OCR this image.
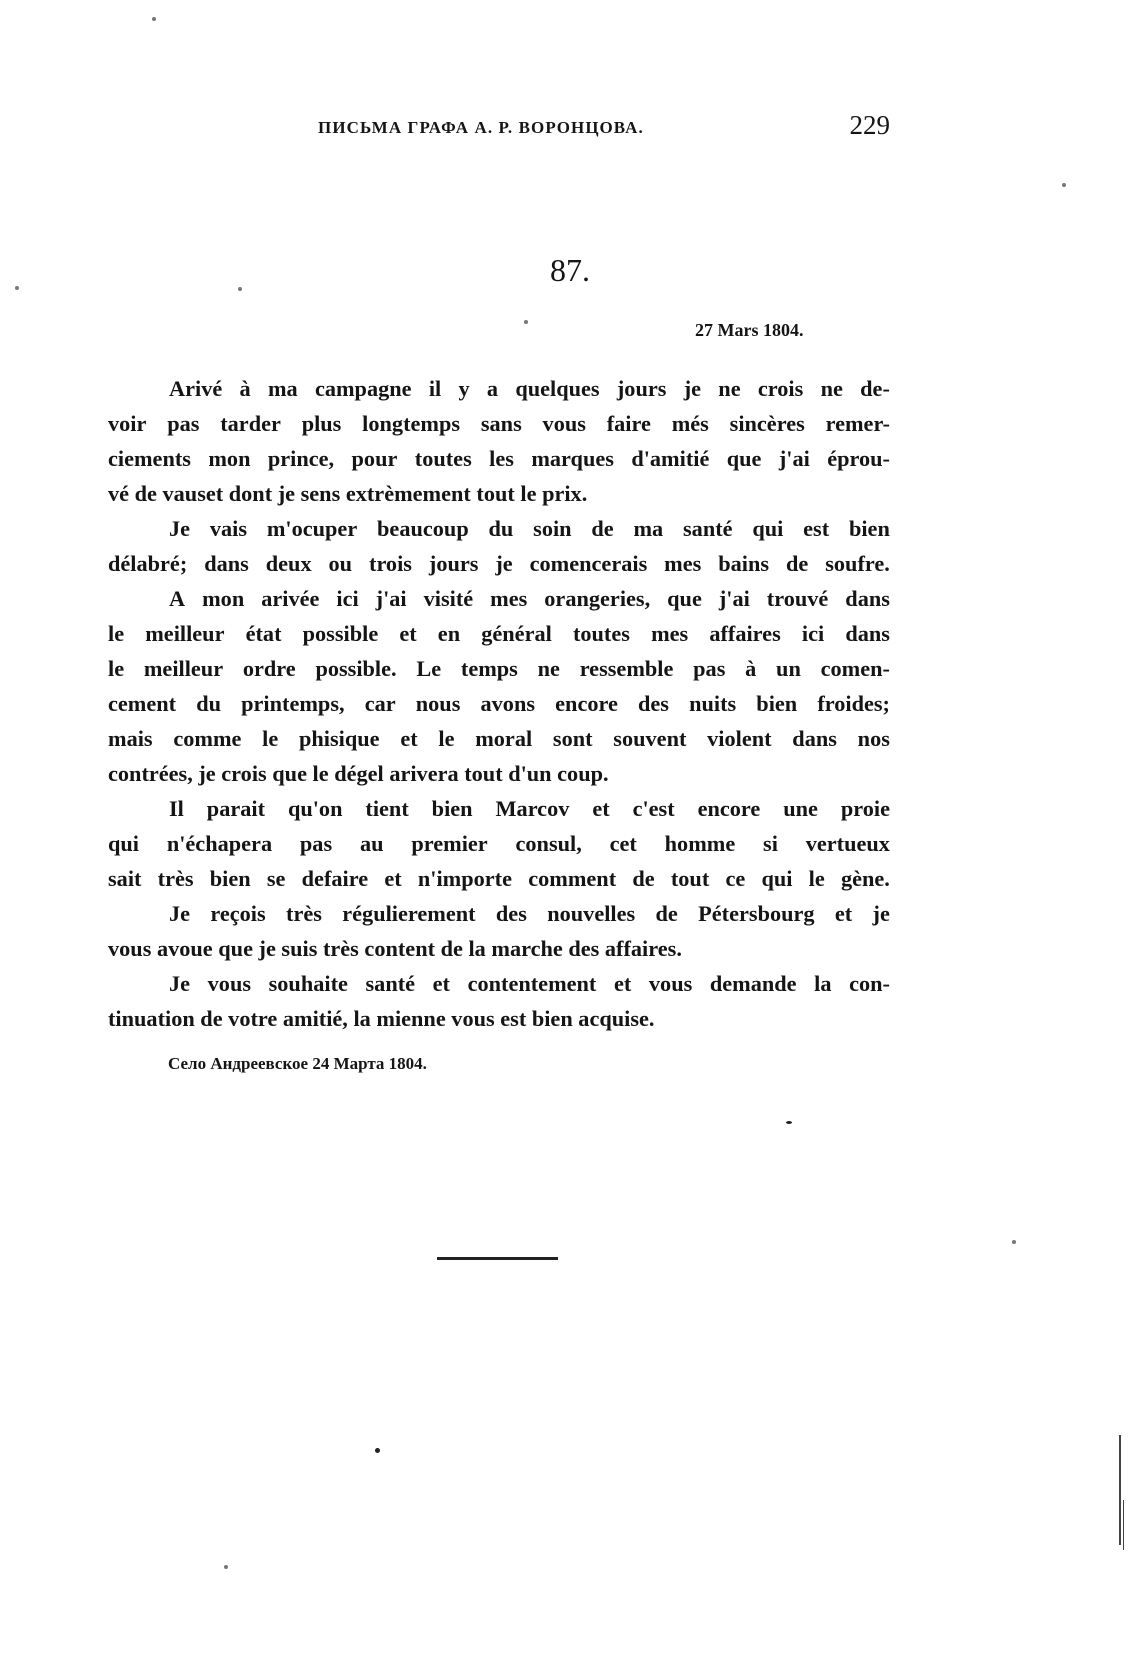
ПИСЬМА ГРАФА А. Р. ВОРОНЦОВА.	229
87.
27 Mars 1804.
Arivé à ma campagne il y a quelques jours je ne crois ne de-
voir pas tarder plus longtemps sans vous faire més sincères remer-
ciements mon prince, pour toutes les marques d'amitié que j'ai éprou-
vé de vauset dont je sens extrèmement tout le prix.
Je vais m'ocuper beaucoup du soin de ma santé qui est bien
délabré; dans deux ou trois jours je comencerais mes bains de soufre.
A mon arivée ici j'ai visité mes orangeries, que j'ai trouvé dans
le meilleur état possible et en général toutes mes affaires ici dans
le meilleur ordre possible. Le temps ne ressemble pas à un comen-
cement du printemps, car nous avons encore des nuits bien froides;
mais comme le phisique et le moral sont souvent violent dans nos
contrées, je crois que le dégel arivera tout d'un coup.
Il parait qu'on tient bien Marcov et c'est encore une proie
qui n'échapera pas au premier consul, cet homme si vertueux
sait très bien se defaire et n'importe comment de tout ce qui le gène.
Je reçois très régulierement des nouvelles de Pétersbourg et je
vous avoue que je suis très content de la marche des affaires.
Je vous souhaite santé et contentement et vous demande la con-
tinuation de votre amitié, la mienne vous est bien acquise.
Село Андреевское 24 Марта 1804.
